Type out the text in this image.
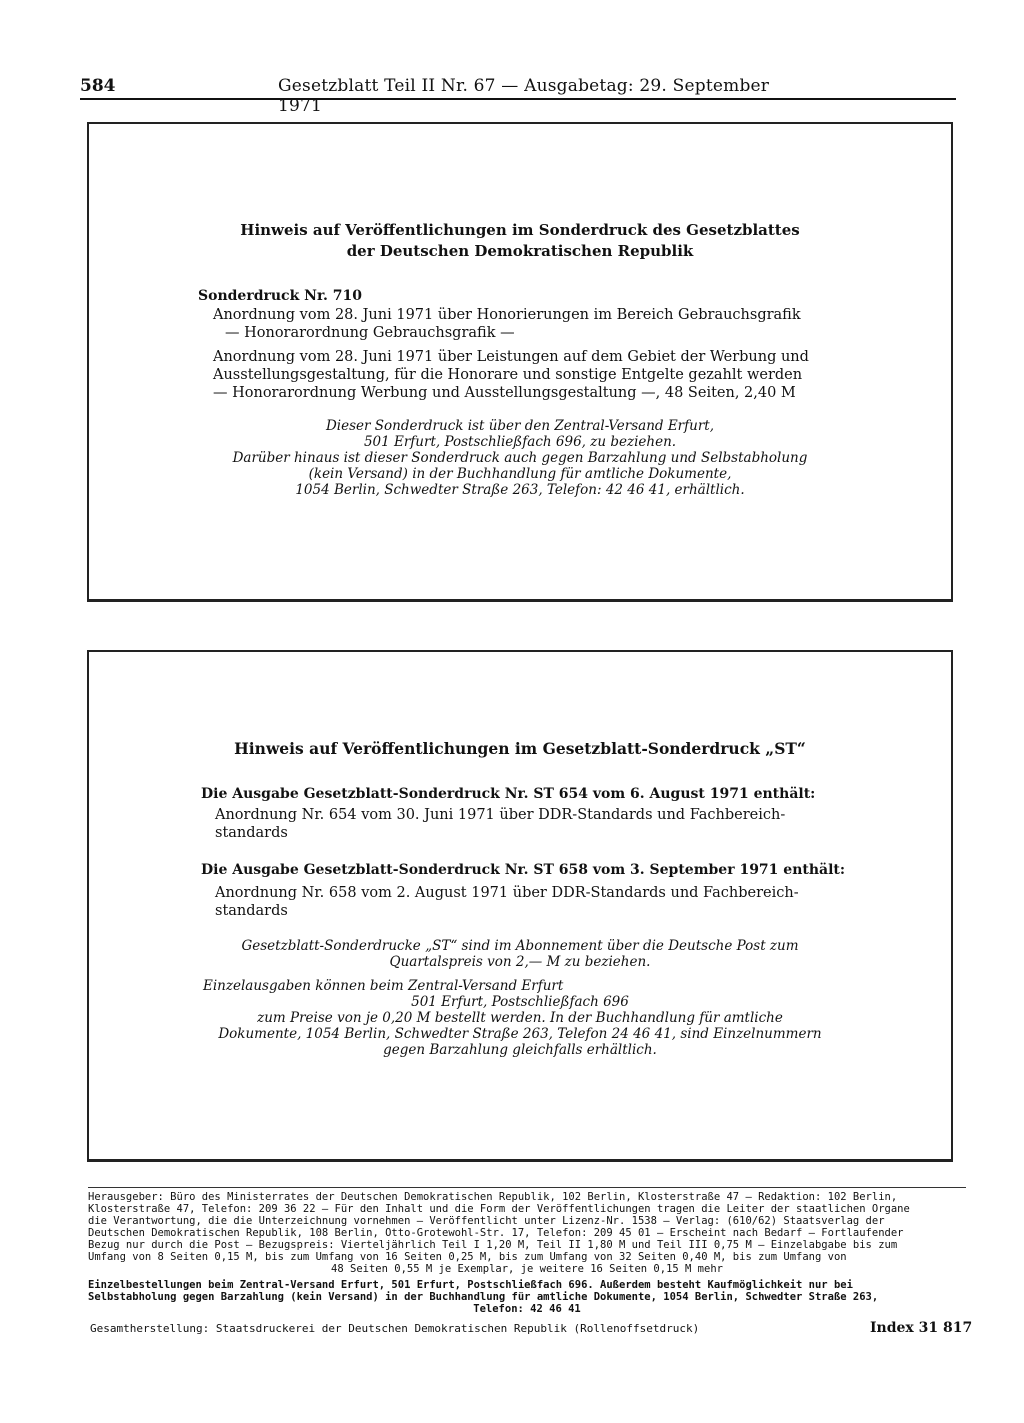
584	Gesetzblatt Teil II Nr. 67 — Ausgabetag: 29. September 1971
Hinweis auf Veröffentlichungen im Sonderdruck des Gesetzblattes
der Deutschen Demokratischen Republik
Sonderdruck Nr. 710
Anordnung vom 28. Juni 1971 über Honorierungen im Bereich Gebrauchsgrafik
— Honorarordnung Gebrauchsgrafik —
Anordnung vom 28. Juni 1971 über Leistungen auf dem Gebiet der Werbung und
Ausstellungsgestaltung, für die Honorare und sonstige Entgelte gezahlt werden
— Honorarordnung Werbung und Ausstellungsgestaltung —, 48 Seiten, 2,40 M
Dieser Sonderdruck ist über den Zentral-Versand Erfurt,
501 Erfurt, Postschließfach 696, zu beziehen.
Darüber hinaus ist dieser Sonderdruck auch gegen Barzahlung und Selbstabholung
(kein Versand) in der Buchhandlung für amtliche Dokumente,
1054 Berlin, Schwedter Straße 263, Telefon: 42 46 41, erhältlich.
Hinweis auf Veröffentlichungen im Gesetzblatt-Sonderdruck „ST“
Die Ausgabe Gesetzblatt-Sonderdruck Nr. ST 654 vom 6. August 1971 enthält:
Anordnung Nr. 654 vom 30. Juni 1971 über DDR-Standards und Fachbereich-
standards
Die Ausgabe Gesetzblatt-Sonderdruck Nr. ST 658 vom 3. September 1971 enthält:
Anordnung Nr. 658 vom 2. August 1971 über DDR-Standards und Fachbereich-
standards
Gesetzblatt-Sonderdrucke „ST“ sind im Abonnement über die Deutsche Post zum
Quartalspreis von 2,— M zu beziehen.
Einzelausgaben können beim Zentral-Versand Erfurt
501 Erfurt, Postschließfach 696
zum Preise von je 0,20 M bestellt werden. In der Buchhandlung für amtliche
Dokumente, 1054 Berlin, Schwedter Straße 263, Telefon 24 46 41, sind Einzelnummern
gegen Barzahlung gleichfalls erhältlich.
Herausgeber: Büro des Ministerrates der Deutschen Demokratischen Republik, 102 Berlin, Klosterstraße 47 — Redaktion: 102 Berlin,
Klosterstraße 47, Telefon: 209 36 22 — Für den Inhalt und die Form der Veröffentlichungen tragen die Leiter der staatlichen Organe
die Verantwortung, die die Unterzeichnung vornehmen — Veröffentlicht unter Lizenz-Nr. 1538 — Verlag: (610/62) Staatsverlag der
Deutschen Demokratischen Republik, 108 Berlin, Otto-Grotewohl-Str. 17, Telefon: 209 45 01 — Erscheint nach Bedarf — Fortlaufender
Bezug nur durch die Post — Bezugspreis: Vierteljährlich Teil I 1,20 M, Teil II 1,80 M und Teil III 0,75 M — Einzelabgabe bis zum
Umfang von 8 Seiten 0,15 M, bis zum Umfang von 16 Seiten 0,25 M, bis zum Umfang von 32 Seiten 0,40 M, bis zum Umfang von
48 Seiten 0,55 M je Exemplar, je weitere 16 Seiten 0,15 M mehr
Einzelbestellungen beim Zentral-Versand Erfurt, 501 Erfurt, Postschließfach 696. Außerdem besteht Kaufmöglichkeit nur bei
Selbstabholung gegen Barzahlung (kein Versand) in der Buchhandlung für amtliche Dokumente, 1054 Berlin, Schwedter Straße 263,
Telefon: 42 46 41
Gesamtherstellung: Staatsdruckerei der Deutschen Demokratischen Republik (Rollenoffsetdruck)	Index 31 817
